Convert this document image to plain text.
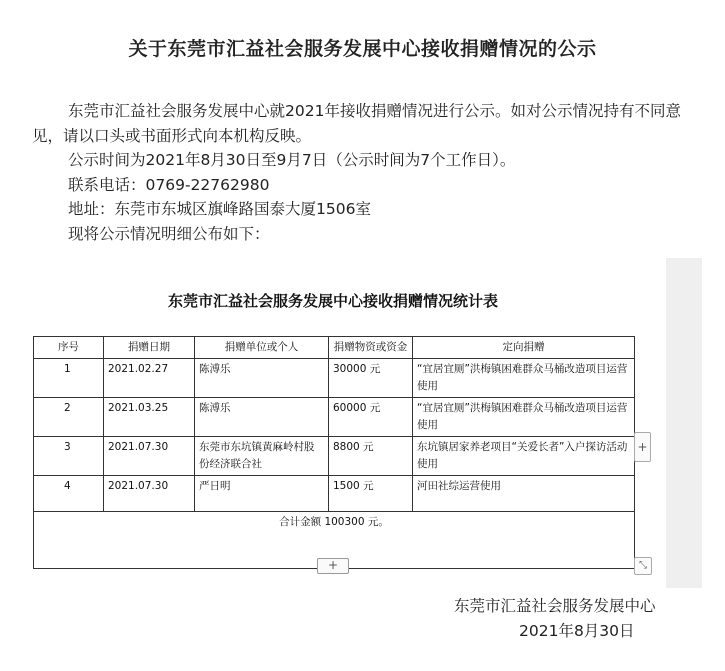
关于东莞市汇益社会服务发展中心接收捐赠情况的公示
东莞市汇益社会服务发展中心就2021年接收捐赠情况进行公示。如对公示情况持有不同意见，请以口头或书面形式向本机构反映。
公示时间为2021年8月30日至9月7日（公示时间为7个工作日）。
联系电话：0769-22762980
地址：东莞市东城区旗峰路国泰大厦1506室
现将公示情况明细公布如下：
东莞市汇益社会服务发展中心接收捐赠情况统计表
序号	捐赠日期	捐赠单位或个人	捐赠物资或资金	定向捐赠
1	2021.02.27	陈溥乐	30000 元	“宜居宜厕”洪梅镇困难群众马桶改造项目运营使用
2	2021.03.25	陈溥乐	60000 元	“宜居宜厕”洪梅镇困难群众马桶改造项目运营使用
3	2021.07.30	东莞市东坑镇黄麻岭村股份经济联合社	8800 元	东坑镇居家养老项目“关爱长者”入户探访活动使用
4	2021.07.30	严日明	1500 元	河田社综运营使用
合计金额 100300 元。				
+
+	⤡
东莞市汇益社会服务发展中心
2021年8月30日
